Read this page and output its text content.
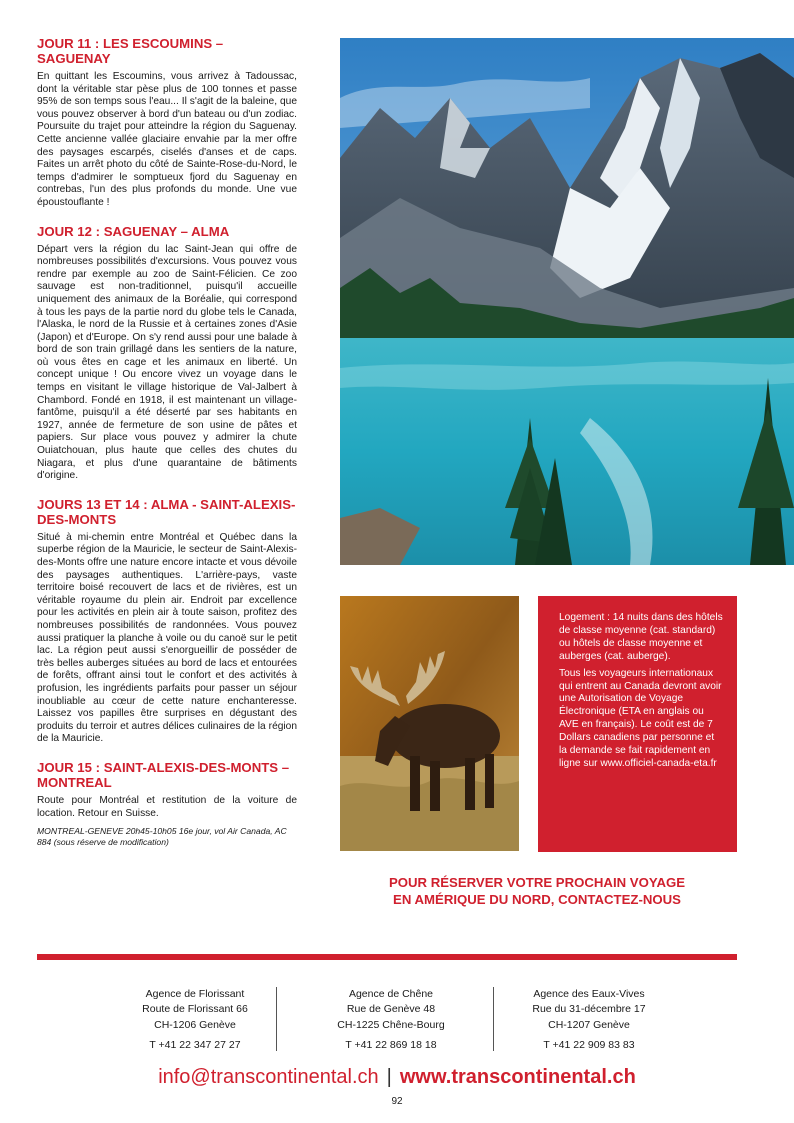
JOUR 11 : LES ESCOUMINS – SAGUENAY

En quittant les Escoumins, vous arrivez à Tadoussac, dont la véritable star pèse plus de 100 tonnes et passe 95% de son temps sous l'eau... Il s'agit de la baleine, que vous pouvez observer à bord d'un bateau ou d'un zodiac. Poursuite du trajet pour atteindre la région du Saguenay. Cette ancienne vallée glaciaire envahie par la mer offre des paysages escarpés, ciselés d'anses et de caps. Faites un arrêt photo du côté de Sainte-Rose-du-Nord, le temps d'admirer le somptueux fjord du Saguenay en contrebas, l'un des plus profonds du monde. Une vue époustouflante !

JOUR 12 : SAGUENAY – ALMA

Départ vers la région du lac Saint-Jean qui offre de nombreuses possibilités d'excursions. Vous pouvez vous rendre par exemple au zoo de Saint-Félicien. Ce zoo sauvage est non-traditionnel, puisqu'il accueille uniquement des animaux de la Boréalie, qui correspond à tous les pays de la partie nord du globe tels le Canada, l'Alaska, le nord de la Russie et à certaines zones d'Asie (Japon) et d'Europe. On s'y rend aussi pour une balade à bord de son train grillagé dans les sentiers de la nature, où vous êtes en cage et les animaux en liberté. Un concept unique ! Ou encore vivez un voyage dans le temps en visitant le village historique de Val-Jalbert à Chambord. Fondé en 1918, il est maintenant un village-fantôme, puisqu'il a été déserté par ses habitants en 1927, année de fermeture de son usine de pâtes et papiers. Sur place vous pouvez y admirer la chute Ouiatchouan, plus haute que celles des chutes du Niagara, et plus d'une quarantaine de bâtiments d'origine.

JOURS 13 ET 14 : ALMA - SAINT-ALEXIS-DES-MONTS

Situé à mi-chemin entre Montréal et Québec dans la superbe région de la Mauricie, le secteur de Saint-Alexis-des-Monts offre une nature encore intacte et vous dévoile des paysages authentiques. L'arrière-pays, vaste territoire boisé recouvert de lacs et de rivières, est un véritable royaume du plein air. Endroit par excellence pour les activités en plein air à toute saison, profitez des nombreuses possibilités de randonnées. Vous pouvez aussi pratiquer la planche à voile ou du canoë sur le petit lac. La région peut aussi s'enorgueillir de posséder de très belles auberges situées au bord de lacs et entourées de forêts, offrant ainsi tout le confort et des activités à profusion, les ingrédients parfaits pour passer un séjour inoubliable au cœur de cette nature enchanteresse. Laissez vos papilles être surprises en dégustant des produits du terroir et autres délices culinaires de la région de la Mauricie.

JOUR 15 : SAINT-ALEXIS-DES-MONTS – MONTREAL

Route pour Montréal et restitution de la voiture de location. Retour en Suisse.

MONTREAL-GENEVE 20h45-10h05 16e jour, vol Air Canada, AC 884 (sous réserve de modification)

Logement : 14 nuits dans des hôtels de classe moyenne (cat. standard) ou hôtels de classe moyenne et auberges (cat. auberge).

Tous les voyageurs internationaux qui entrent au Canada devront avoir une Autorisation de Voyage Électronique (ETA en anglais ou AVE en français). Le coût est de 7 Dollars canadiens par personne et la demande se fait rapidement en ligne sur www.officiel-canada-eta.fr

POUR RÉSERVER VOTRE PROCHAIN VOYAGE
EN AMÉRIQUE DU NORD, CONTACTEZ-NOUS
Agence de Florissant
Route de Florissant 66
CH-1206 Genève
T +41 22 347 27 27
Agence de Chêne
Rue de Genève 48
CH-1225 Chêne-Bourg
T +41 22 869 18 18
Agence des Eaux-Vives
Rue du 31-décembre 17
CH-1207 Genève
T +41 22 909 83 83
info@transcontinental.ch | www.transcontinental.ch
92
